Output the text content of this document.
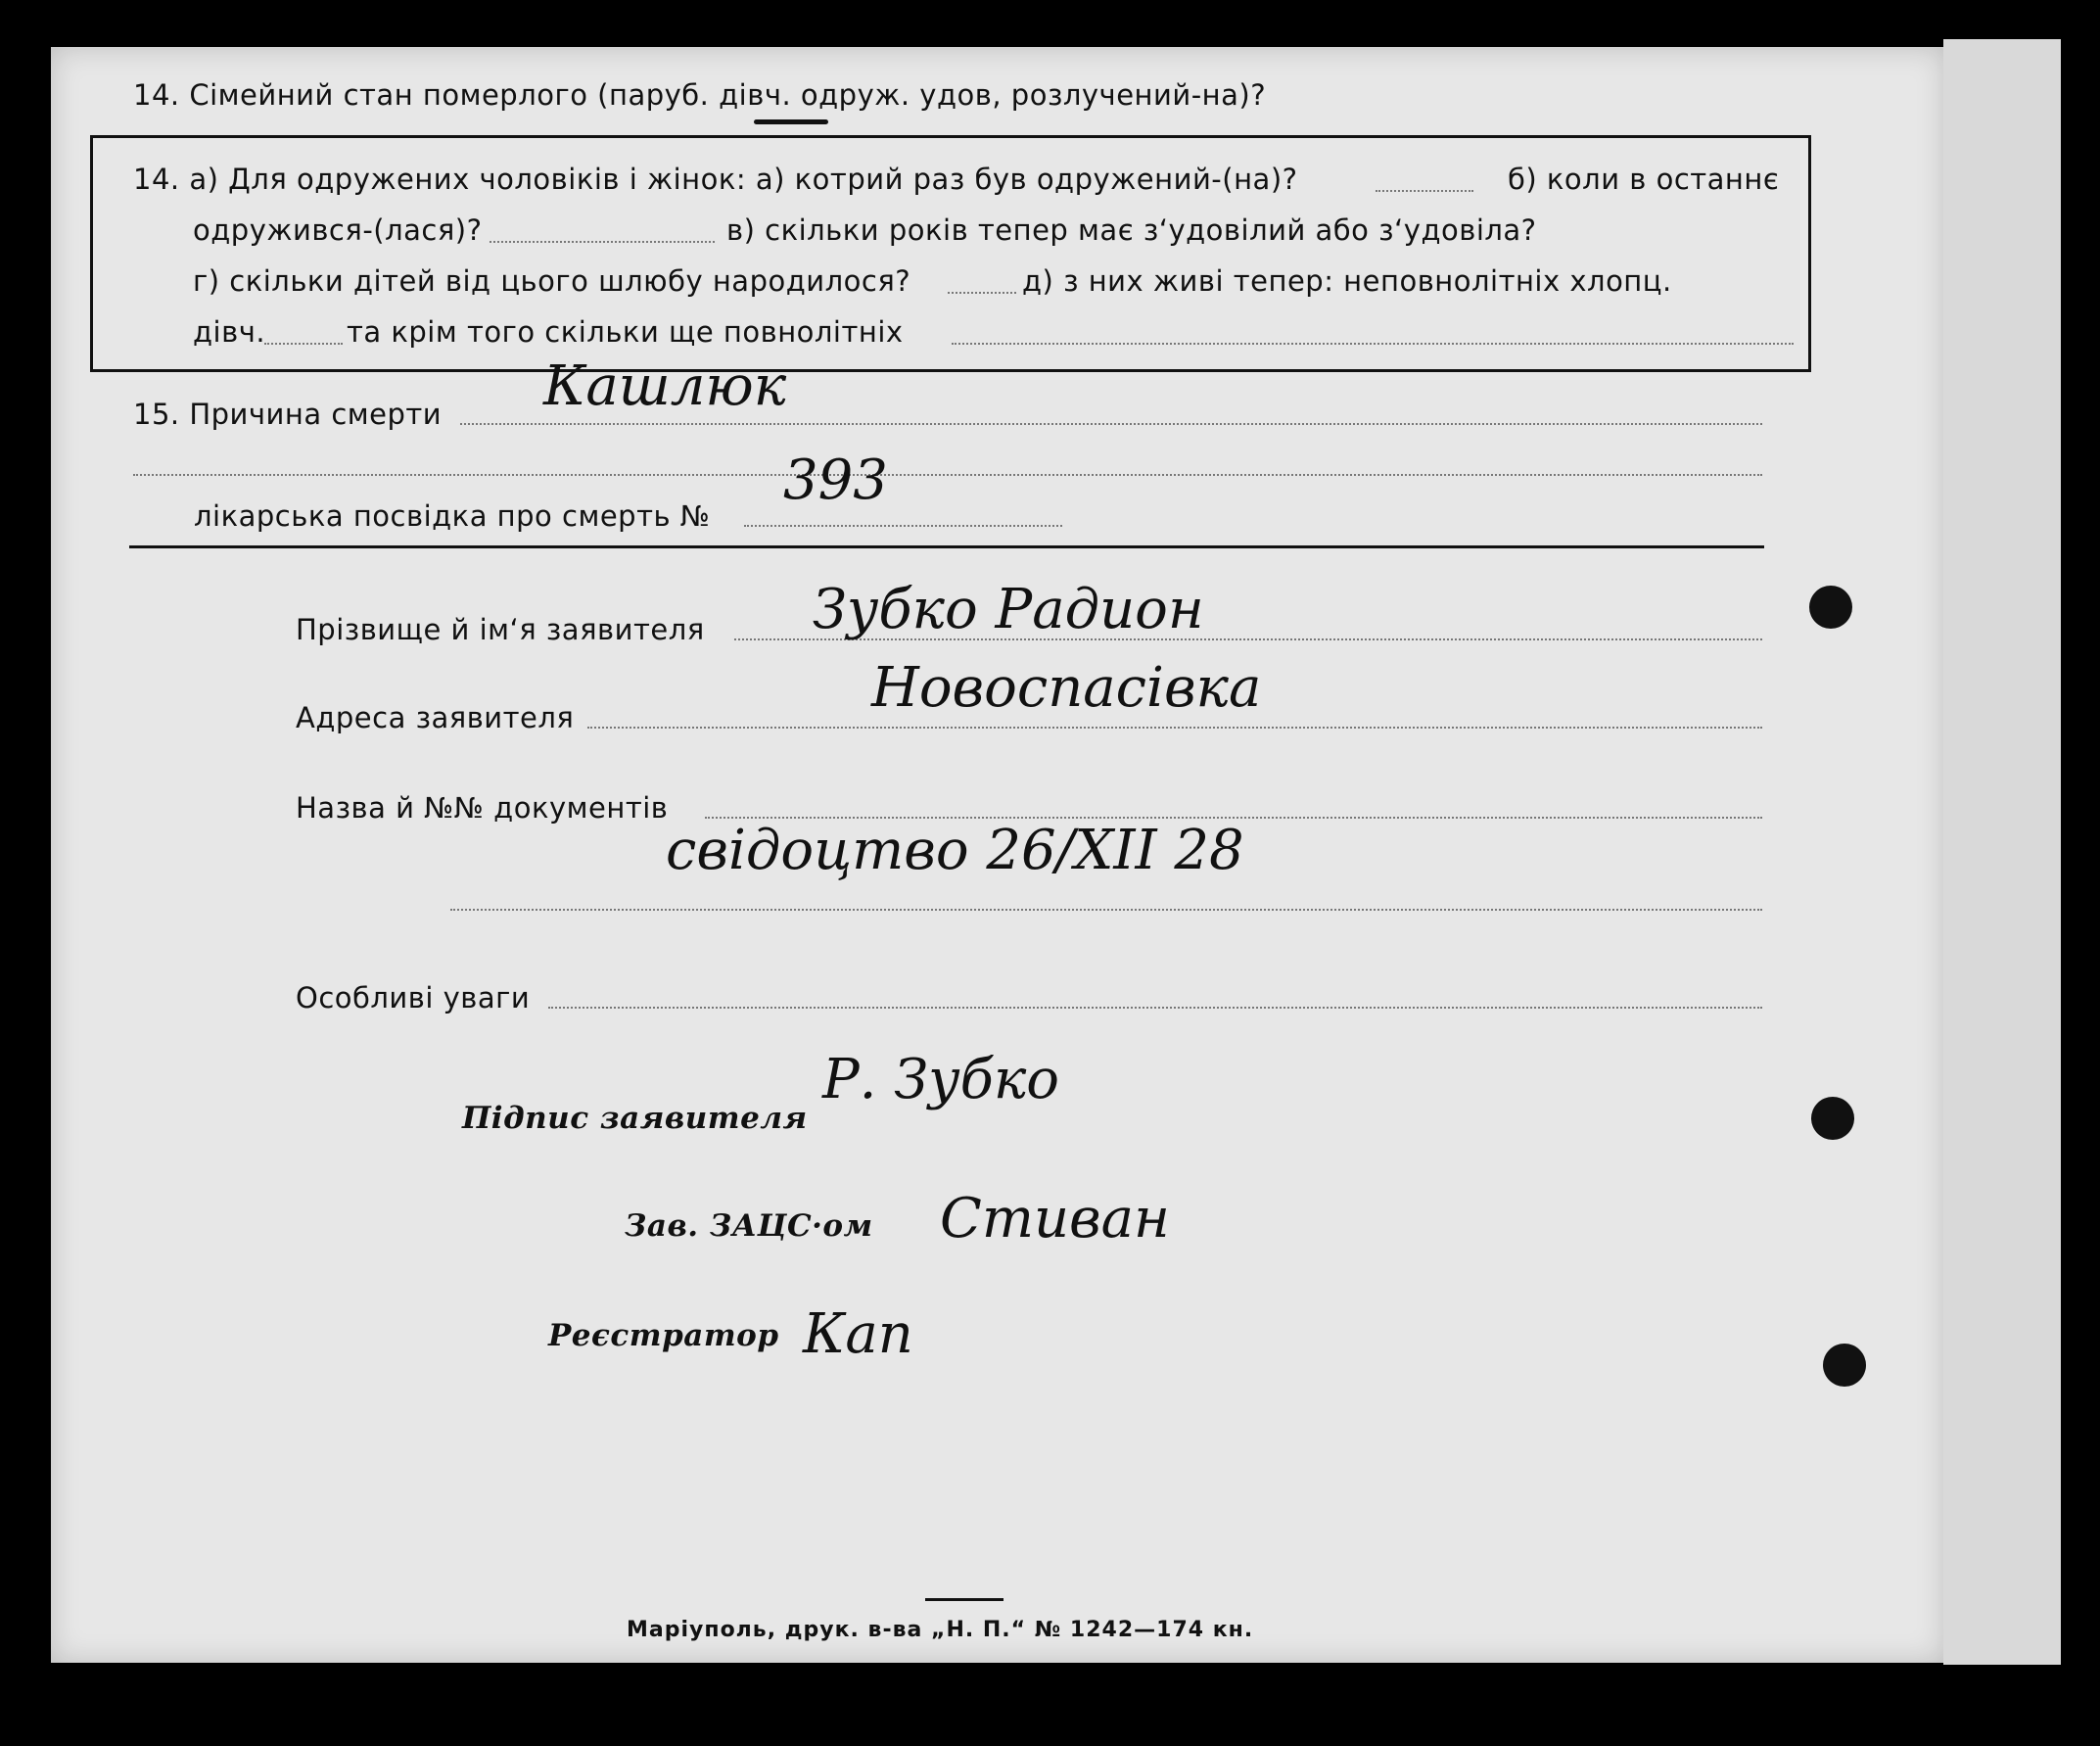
14. Сімейний стан померлого (паруб. дівч. одруж. удов, розлучений-на)?
14. а) Для одружених чоловіків і жінок: а) котрий раз був одружений-(на)?	б) коли в останнє
одружився-(лася)?	в) скільки років тепер має з‘удовілий або з‘удовіла?
г) скільки дітей від цього шлюбу народилося?	д) з них живі тепер: неповнолітніх хлопц.
дівч.	та крім того скільки ще повнолітніх
15. Причина смерти Кашлюк
лікарська посвідка про смерть №
393
Прізвище й ім‘я заявителя Зубко Радион
Адреса заявителя	Новоспасівка
Назва й №№ документів
свідоцтво 26/XII 28
Особливі уваги
Підпис заявителя
Р. Зубко
Зав. ЗАЦС·ом Стиван
Реєстратор Кап
Маріуполь, друк. в-ва „Н. П.“ № 1242—174 кн.
